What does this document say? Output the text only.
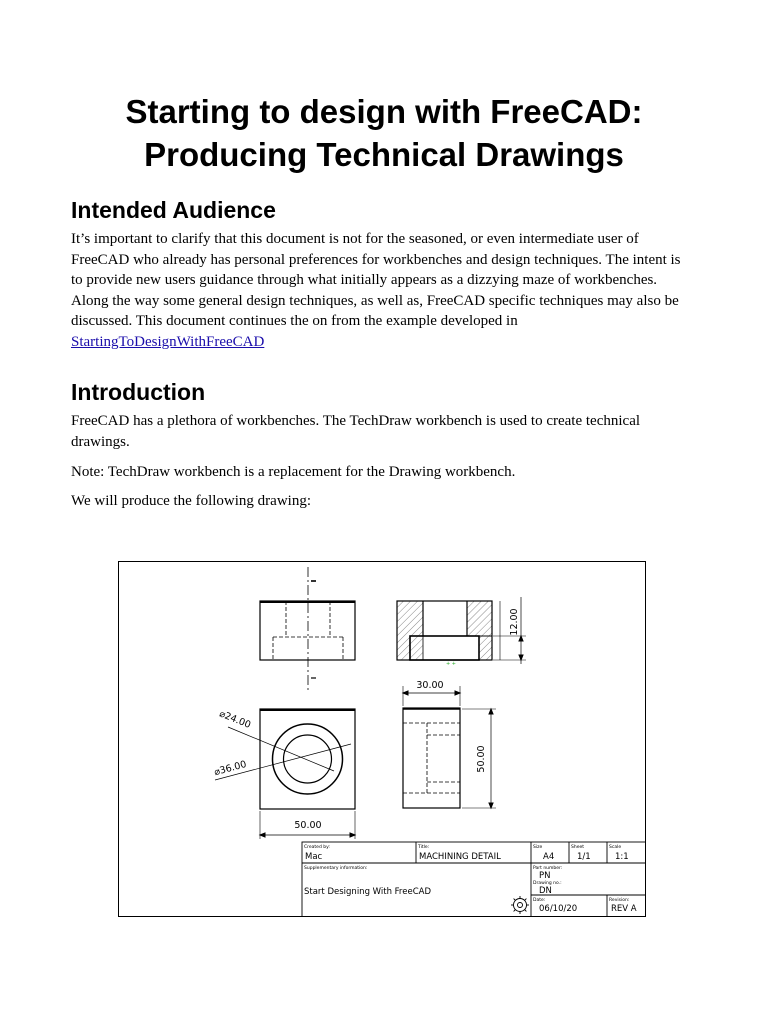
Starting to design with FreeCAD:
Producing Technical Drawings
Intended Audience

It’s important to clarify that this document is not for the seasoned, or even intermediate user of
FreeCAD who already has personal preferences for workbenches and design techniques. The intent is
to provide new users guidance through what initially appears as a dizzying maze of workbenches.
Along the way some general design techniques, as well as, FreeCAD specific techniques may also be
discussed. This document continues the on from the example developed in
StartingToDesignWithFreeCAD

Introduction

FreeCAD has a plethora of workbenches. The TechDraw workbench is used to create technical
drawings.

Note: TechDraw workbench is a replacement for the Drawing workbench.

We will produce the following drawing:

+ +
12.00
50.00
⌀24.00
⌀36.00
30.00
50.00
Created by:
Mac
Title:
MACHINING DETAIL
Size
A4
Sheet
1/1
Scale
1:1
Supplementary information:
Start Designing With FreeCAD
Part number:
PN
Drawing no.:
DN
Date:
06/10/20
Revision:
REV A
